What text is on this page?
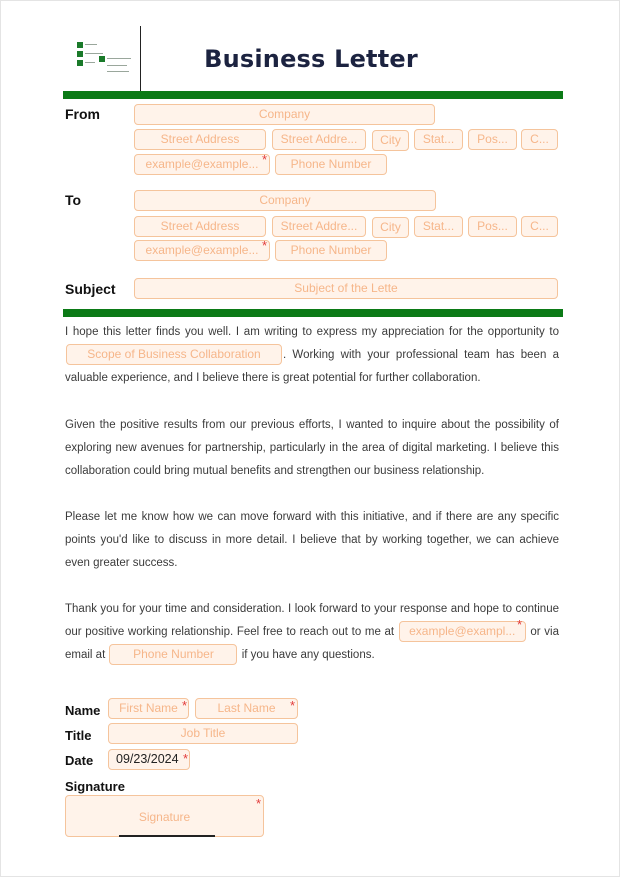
Business Letter
From	Company
Street Address	Street Addre...	City	Stat...	Pos...	C...
example@example... *	Phone Number
To	Company
Street Address	Street Addre...	City	Stat...	Pos...	C...
example@example... *	Phone Number
Subject	Subject of the Lette
I hope this letter finds you well. I am writing to express my appreciation for the opportunity to Scope of Business Collaboration . Working with your professional team has been a valuable experience, and I believe there is great potential for further collaboration.
Given the positive results from our previous efforts, I wanted to inquire about the possibility of exploring new avenues for partnership, particularly in the area of digital marketing. I believe this collaboration could bring mutual benefits and strengthen our business relationship.
Please let me know how we can move forward with this initiative, and if there are any specific points you'd like to discuss in more detail. I believe that by working together, we can achieve even greater success.
Thank you for your time and consideration. I look forward to your response and hope to continue our positive working relationship. Feel free to reach out to me at example@exampl... or via email at Phone Number if you have any questions.
*
Name	First Name *	Last Name	*
Title	Job Title
Date	09/23/2024 *
Signature
Signature
*
